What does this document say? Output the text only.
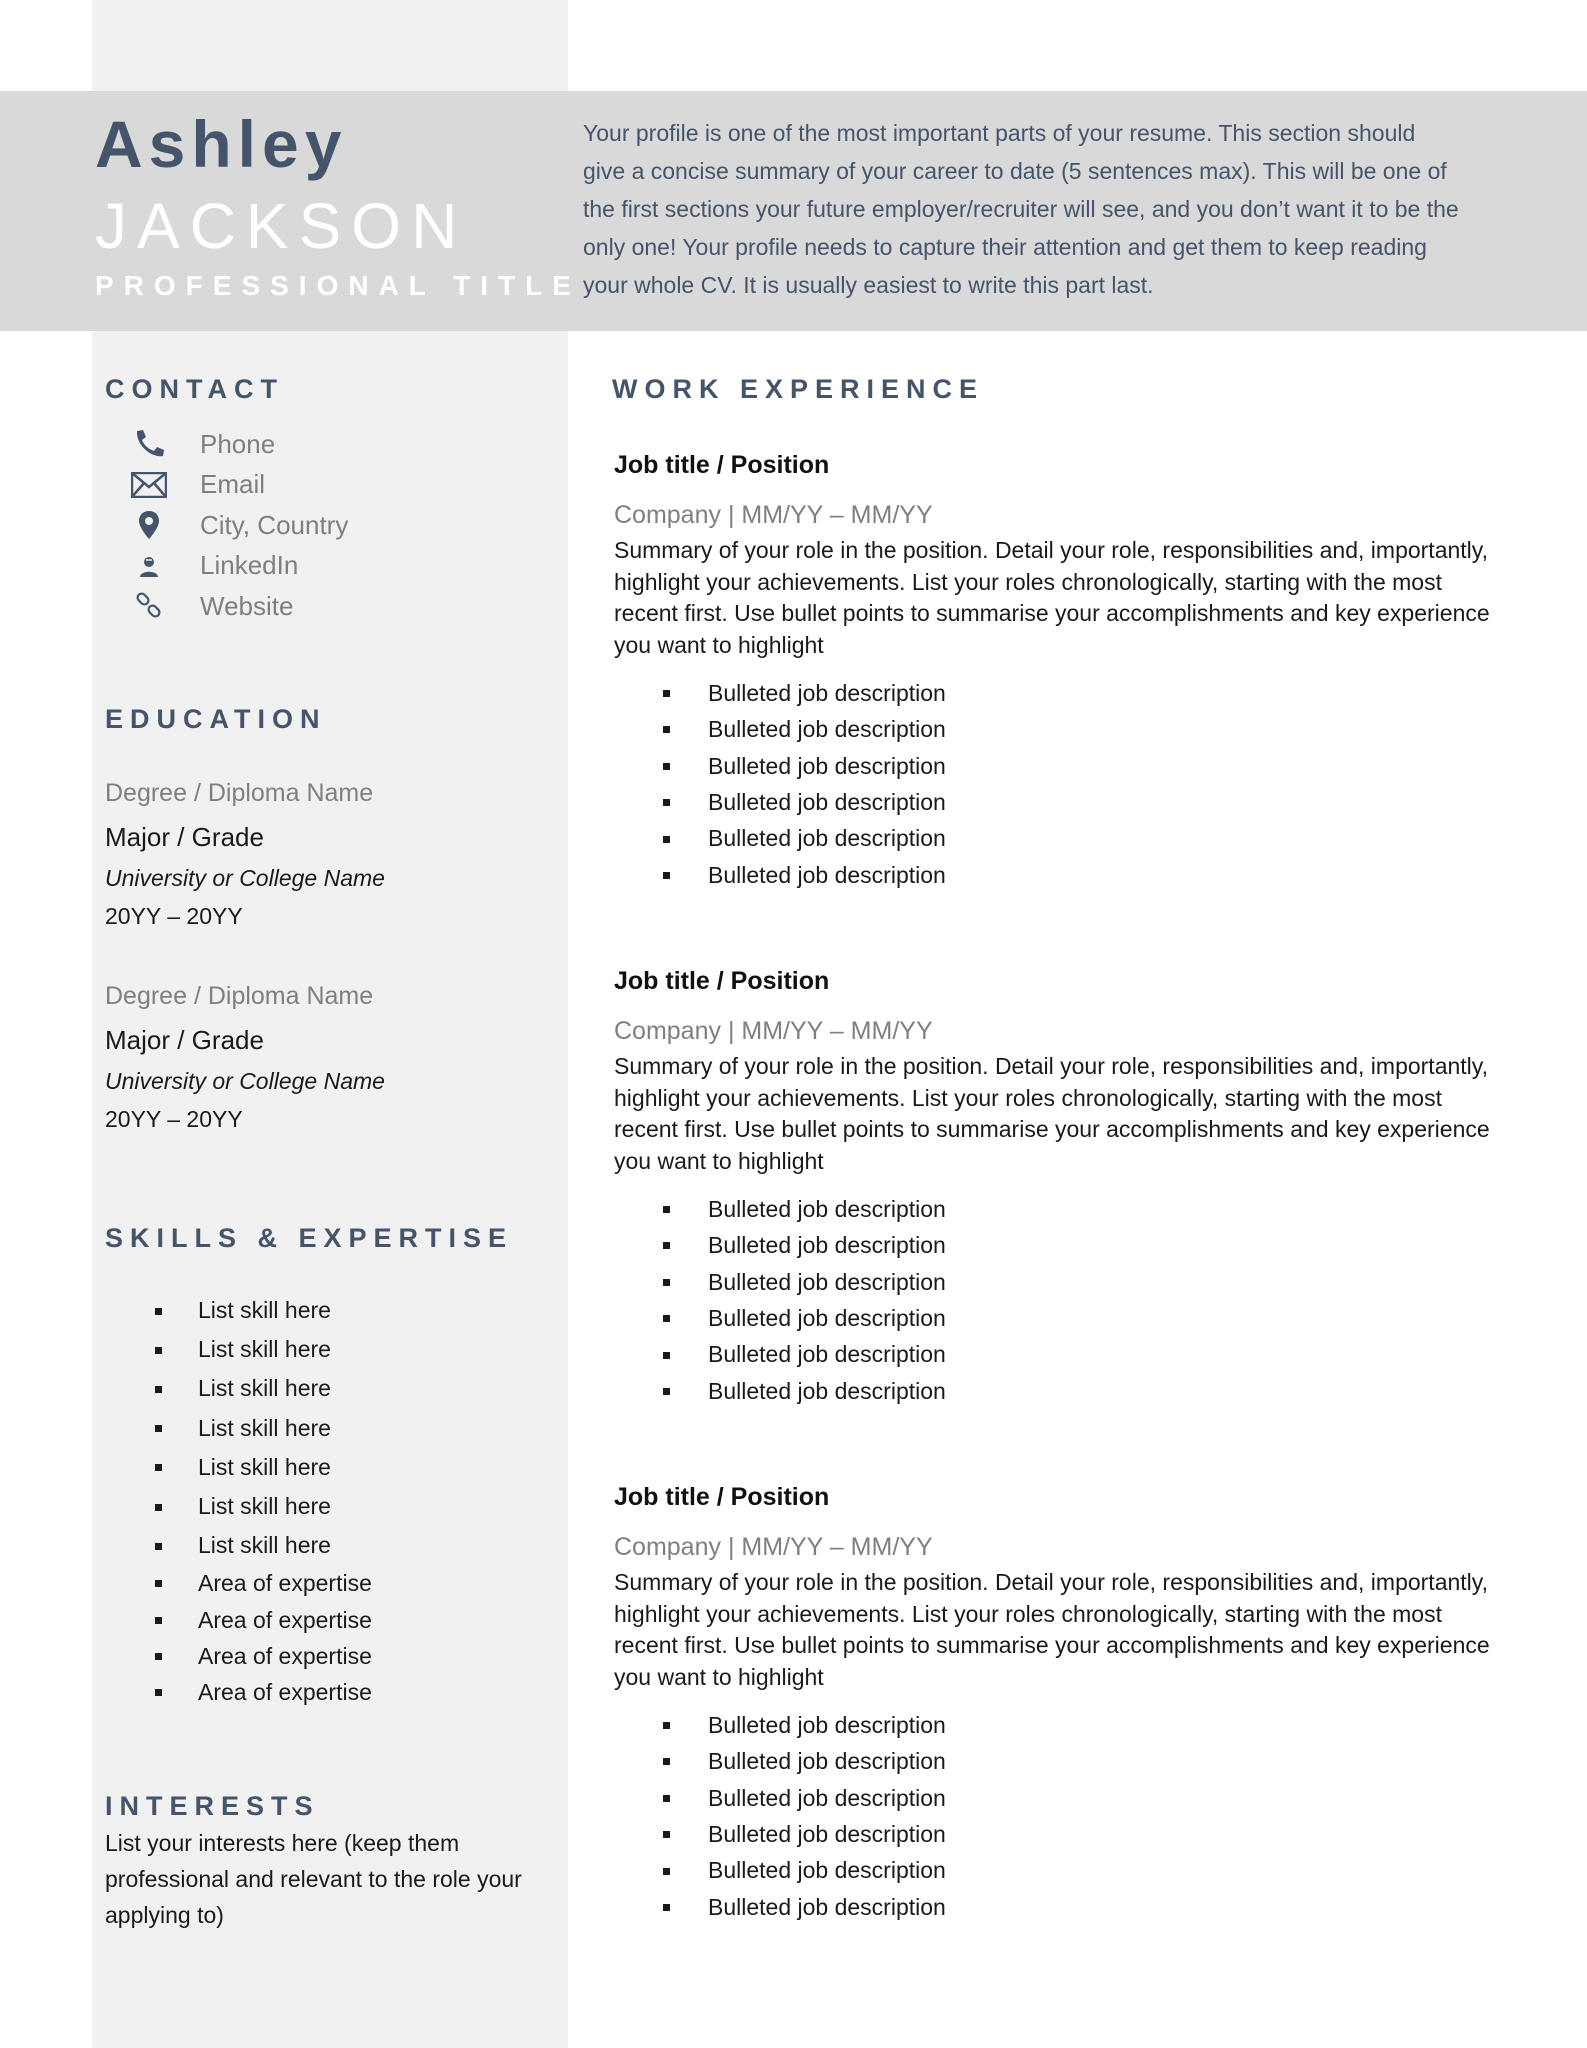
Ashley
JACKSON
PROFESSIONAL TITLE

Your profile is one of the most important parts of your resume. This section should give a concise summary of your career to date (5 sentences max). This will be one of the first sections your future employer/recruiter will see, and you don’t want it to be the only one! Your profile needs to capture their attention and get them to keep reading your whole CV. It is usually easiest to write this part last.

CONTACT
Phone
Email
City, Country
LinkedIn
Website
EDUCATION
Degree / Diploma Name
Major / Grade
University or College Name
20YY – 20YY
Degree / Diploma Name
Major / Grade
University or College Name
20YY – 20YY
SKILLS & EXPERTISE
List skill here
List skill here
List skill here
List skill here
List skill here
List skill here
List skill here
Area of expertise
Area of expertise
Area of expertise
Area of expertise
INTERESTS

List your interests here (keep them professional and relevant to the role your applying to)

WORK EXPERIENCE
Job title / Position
Company | MM/YY – MM/YY

Summary of your role in the position. Detail your role, responsibilities and, importantly, highlight your achievements. List your roles chronologically, starting with the most recent first. Use bullet points to summarise your accomplishments and key experience you want to highlight

Bulleted job description
Bulleted job description
Bulleted job description
Bulleted job description
Bulleted job description
Bulleted job description
Job title / Position
Company | MM/YY – MM/YY

Summary of your role in the position. Detail your role, responsibilities and, importantly, highlight your achievements. List your roles chronologically, starting with the most recent first. Use bullet points to summarise your accomplishments and key experience you want to highlight

Bulleted job description
Bulleted job description
Bulleted job description
Bulleted job description
Bulleted job description
Bulleted job description
Job title / Position
Company | MM/YY – MM/YY

Summary of your role in the position. Detail your role, responsibilities and, importantly, highlight your achievements. List your roles chronologically, starting with the most recent first. Use bullet points to summarise your accomplishments and key experience you want to highlight

Bulleted job description
Bulleted job description
Bulleted job description
Bulleted job description
Bulleted job description
Bulleted job description
